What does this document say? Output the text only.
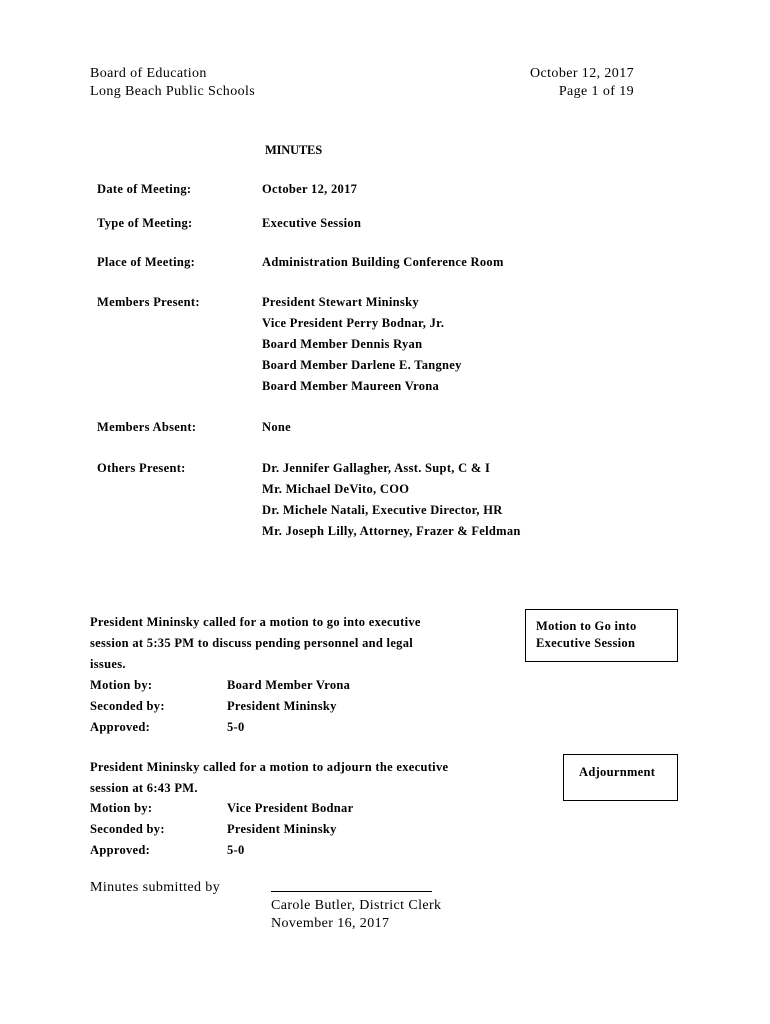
Board of Education
Long Beach Public Schools
October 12, 2017
Page 1 of 19
MINUTES
Date of Meeting:	October 12, 2017
Type of Meeting:	Executive Session
Place of Meeting:	Administration Building Conference Room
Members Present:	President Stewart Mininsky
Vice President Perry Bodnar, Jr.
Board Member Dennis Ryan
Board Member Darlene E. Tangney
Board Member Maureen Vrona
Members Absent:	None
Others Present:	Dr. Jennifer Gallagher, Asst. Supt, C & I
Mr. Michael DeVito, COO
Dr. Michele Natali, Executive Director, HR
Mr. Joseph Lilly, Attorney, Frazer & Feldman
President Mininsky called for a motion to go into executive
session at 5:35 PM to discuss pending personnel and legal
issues.
Motion by:	Board Member Vrona
Seconded by:	President Mininsky
Approved:	5-0
Motion to Go into
Executive Session
President Mininsky called for a motion to adjourn the executive
session at 6:43 PM.
Motion by:	Vice President Bodnar
Seconded by:	President Mininsky
Approved:	5-0
Adjournment
Minutes submitted by
Carole Butler, District Clerk
November 16, 2017
